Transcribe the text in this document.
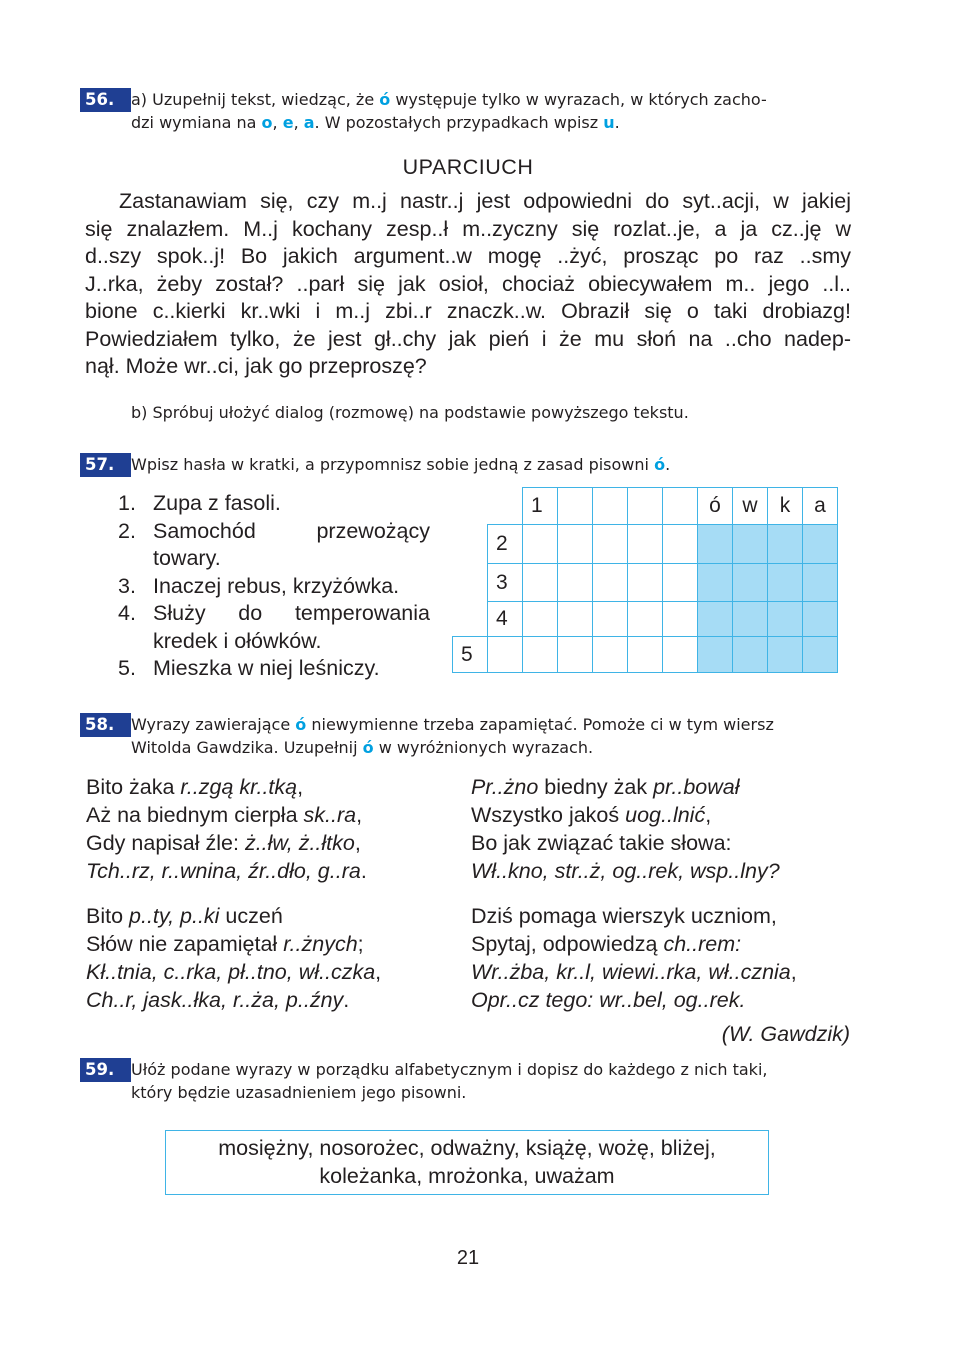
56.	a) Uzupełnij tekst, wiedząc, że ó występuje tylko w wyrazach, w których zacho-
dzi wymiana na o, e, a. W pozostałych przypadkach wpisz u.
UPARCIUCH
Zastanawiam się, czy m..j nastr..j jest odpowiedni do syt..acji, w jakiej
się znalazłem. M..j kochany zesp..ł m..zyczny się rozlat..je, a ja cz..ję w
d..szy spok..j! Bo jakich argument..w mogę ..żyć, prosząc po raz ..smy
J..rka, żeby został? ..parł się jak osioł, chociaż obiecywałem m.. jego ..l..
bione c..kierki kr..wki i m..j zbi..r znaczk..w. Obraził się o taki drobiazg!
Powiedziałem tylko, że jest gł..chy jak pień i że mu słoń na ..cho nadep-
nął. Może wr..ci, jak go przeproszę?
b) Spróbuj ułożyć dialog (rozmowę) na podstawie powyższego tekstu.
57.	Wpisz hasła w kratki, a przypomnisz sobie jedną z zasad pisowni ó.
1. Zupa z fasoli.
2. Samochód przewożący
towary.
3. Inaczej rebus, krzyżówka.
4. Służy do temperowania
kredek i ołówków.
5. Mieszka w niej leśniczy.
		1					ó	w	k	a
	2									
	3									
	4									
5										
58.	Wyrazy zawierające ó niewymienne trzeba zapamiętać. Pomoże ci w tym wiersz
Witolda Gawdzika. Uzupełnij ó w wyróżnionych wyrazach.
Bito żaka r..zgą kr..tką,
Aż na biednym cierpła sk..ra,
Gdy napisał źle: ż..łw, ż..łtko,
Tch..rz, r..wnina, źr..dło, g..ra.
Bito p..ty, p..ki uczeń
Słów nie zapamiętał r..żnych;
Kł..tnia, c..rka, pł..tno, wł..czka,
Ch..r, jask..łka, r..ża, p..źny.
Pr..żno biedny żak pr..bował
Wszystko jakoś uog..lnić,
Bo jak związać takie słowa:
Wł..kno, str..ż, og..rek, wsp..lny?
Dziś pomaga wierszyk uczniom,
Spytaj, odpowiedzą ch..rem:
Wr..żba, kr..l, wiewi..rka, wł..cznia,
Opr..cz tego: wr..bel, og..rek.
(W. Gawdzik)
59.	Ułóż podane wyrazy w porządku alfabetycznym i dopisz do każdego z nich taki,
który będzie uzasadnieniem jego pisowni.
mosiężny, nosorożec, odważny, książę, wożę, bliżej,
koleżanka, mrożonka, uważam
21
